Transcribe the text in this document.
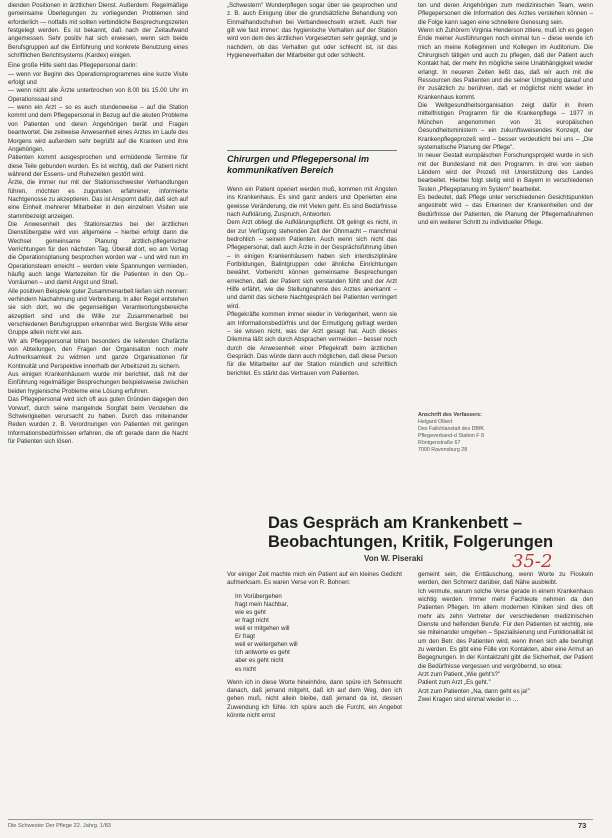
dienden Positionen in ärztlichen Dienst. Außerdem: Regelmäßige gemeinsame Überlegungen zu vorliegenden Problemen sind erforderlich — notfalls mit sollten verbindliche Besprechungszeiten festgelegt werden. Es ist bekannt, daß nach der Zeitaufwand angemessen. Sehr positiv hat sich erwiesen, wenn sich beide Berufsgruppen auf die Einführung und konkrete Benutzung eines schriftlichen Berichtsystems (Kardex) einigen.

Eine große Hilfe sieht das Pflegepersonal darin:

— wenn vor Beginn des Operationsprogrammes eine kurze Visite erfolgt und

— wenn nicht alle Ärzte unterbrochen von 8.00 bis 15.00 Uhr im Operationssaal sind

— wenn ein Arzt – so es auch stundenweise – auf die Station kommt und dem Pflegepersonal in Bezug auf die akuten Probleme von Patienten und deren Angehörigen berät und Fragen beantwortet. Die zeitweise Anwesenheit eines Arztes im Laufe des Morgens wird außerdem sehr begrüßt auf die Kranken und ihre Angehörigen.

Patienten kommt ausgesprochen und ermüdende Termine für diese Teile gebunden wurden. Es ist wichtig, daß der Patient nicht während der Essens- und Ruhezeiten gestört wird.

Ärzte, die immer nur mit der Stationsschwester Verhandlungen führen, möchten es zugunsten erfahrener, informierte Nachtgenosse zu akzeptieren. Das ist Anspornt dafür, daß sich auf eine Einheit mehrerer Mitarbeiter in den einzelnen Visiten wie stammbezeigt anzeigen.

Die Anwesenheit des Stationsarztes bei der ärztlichen Dienstübergabe wird von allgemeine – hierbei erfolgt dann die Wechsel gemeinsame Planung ärztlich-pflegerischer Verrichtungen für den nächsten Tag. Überall dort, wo am Vortag die Operationsplanung besprochen worden war – und wird nun im Operationsteam erreicht – werden viele Spannungen vermieden, häufig auch lange Wartezeiten für die Patienten in den Op.-Vorräumen – und damit Angst und Streß.

Alle positiven Beispiele guter Zusammenarbeit ließen sich nennen: verhindern Nachahmung und Verbreitung. In aller Regel entstehen sie sich dort, wo die gegenseitigen Verantwortungsbereiche akzeptiert sind und die Wille zur Zusammenarbeit bei verschiedenen Berufsgruppen erkennbar wird. Bergiste Wille einer Gruppe allein nicht viel aus.

Wir als Pflegepersonal bitten besonders die leitenden Chefärzte von Abteilungen, den Fragen der Organisation noch mehr Aufmerksamkeit zu widmen und ganze Organisationen für Kontinuität und Perspektive innerhalb der Arbeitszeit zu sichern.

Aus einigen Krankenhäusern wurde mir berichtet, daß mit der Einführung regelmäßiger Besprechungen beispielsweise zwischen beiden hygienische Probleme eine Lösung erfuhren.

Das Pflegepersonal wird sich oft aus guten Gründen dagegen den Vorwurf, durch seine mangelnde Sorgfalt beim Verstehen die Schwierigkeiten verursacht zu haben. Durch das miteinander Reden wurden z. B. Verordnungen von Patienten mit geringen Informationsbedürfnissen erfahren, die oft gerade dann die Nacht für Patienten sich lösen.

„Schwestern" Wunderpflegen sogar über sie gesprochen und z. B. auch Einigung über die grundsätzliche Behandlung von Einmalhandschuhen bei Verbandwechseln erzielt. Auch hier gilt wie fast immer: das hygienische Verhalten auf der Station wird von dem des ärztlichen Vorgesetzten sehr geprägt, und je nachdem, ob das Verhalten gut oder schlecht ist, ist das Hygieneverhalten der Mitarbeiter gut oder schlecht.

Chirurgen und Pflegepersonal im kommunikativen Bereich

Wenn ein Patient operiert werden muß, kommen mit Ängsten ins Krankenhaus. Es sind ganz anders und Operierten eine gewisse Veränderung, die mit Vielen geht. Es sind Bedürfnisse nach Aufklärung, Zuspruch, Antworten.

Dem Arzt obliegt die Aufklärungspflicht. Oft gelingt es nicht, in der zur Verfügung stehenden Zeit der Ohnmacht – manchmal bedrohlich – seinem Patienten. Auch wenn sich nicht das Pflegepersonal, daß auch Ärzte in der Gesprächsführung üben – in einigen Krankenhäusern haben sich interdisziplinäre Fortbildungen, Balintgruppen oder ähnliche Einrichtungen bewährt. Vorbericht können gemeinsame Besprechungen erreichen, daß der Patient sich verstanden fühlt und der Arzt Hilfe erfährt, wie die Stellungnahme des Arztes anerkannt – und damit das sichere Nachtgespräch bei Patienten verringert wird.

Pflegekräfte kommen immer wieder in Verlegenheit, wenn sie am Informationsbedürfnis und der Ermutigung gefragt werden – sie wissen nicht, was der Arzt gesagt hat. Auch dieses Dilemma läßt sich durch Absprachen vermeiden – besser noch durch die Anwesenheit einer Pflegekraft beim ärztlichen Gespräch. Das würde dann auch möglichen, daß diese Person für die Mitarbeiter auf der Station mündlich und schriftlich berichtet. Es stärkt das Vertrauen vom Patienten.

ten und deren Angehörigen zum medizinischen Team, wenn Pflegepersonen die Information des Arztes verstehen können – die Folge kann sagen eine schnellere Genesung sein.

Wenn ich Zuhörern Virginia Henderson zitiere, muß ich es gegen Ende meiner Ausführungen noch einmal tun – diese wende ich mich an meine Kolleginnen und Kollegen im Auditorium. Die Chirurgisch tätigen und auch zu pflegen, daß der Patient auch Kontakt hat, der mehr ihn mögliche seine Unabhängigkeit wieder erlangt. In neueren Zeiten ließt das, daß wir auch mit die Ressourcen des Patienten und die seiner Umgebung darauf und ihr zusätzlich zu berühren, daß er möglichst nicht wieder im Krankenhaus kommt.

Die Weltgesundheitsorganisation zeigt dafür in ihrem mittelfristigen Programm für die Krankenpflege – 1977 in München angenommen von 31 europäischen Gesundheitsministern – ein zukunftsweisendes Konzept, der Krankenpflegeprozeß wird – besser verdeutlicht bei uns – „Die systematische Planung der Pflege".

In neuer Gestalt europäischen Forschungsprojekt wurde in sich mit der Bundesland mit den Programm. In drei von sieben Ländern wird der Prozeß mit Unterstützung des Landes bearbeitet. Hierbei folgt stetig wird in Bayern in verschiedenen Testen „Pflegeplanung im System" bearbeitet.

Es bedeutet, daß Pflege unter verschiedenen Gesichtspunkten angestrebt wird – das Erkennen der Krankenheiten und der Bedürfnisse der Patienten, die Planung der Pflegemaßnahmen und ein weiterer Schritt zu individueller Pflege.

Anschrift des Verfassers:
Helgard Olbert
Des Fallohlanstalt des DBfK
Pflegeverband-d Station F 8
Röntgenstraße 67
7000 Ravensburg 28
Das Gespräch am Krankenbett –
Beobachtungen, Kritik, Folgerungen
Von W. Piseraki	35-2

Vor einiger Zeit machte mich ein Patient auf ein kleines Gedicht aufmerksam. Es waren Verse von R. Bohnen:

Im Vorübergehen
fragt mein Nachbar,
wie es geht
er fragt nicht
weil er mitgehen will
Er fragt
weil er weitergehen will
Ich antworte es geht
aber es geht nicht
es nicht

Wenn ich in diese Worte hineinhöre, dann spüre ich Sehnsucht danach, daß jemand mitgeht, daß ich auf dem Weg, den ich gehen muß, nicht allein bleibe, daß jemand da ist, dessen Zuwendung ich fühle. Ich spüre auch die Furcht, ein Angebot könnte nicht ernst

gemeint sein, die Enttäuschung, wenn Worte zu Floskeln werden, den Schmerz darüber, daß Nähe ausbleibt.

Ich vermute, warum solche Verse gerade in einem Krankenhaus wichtig werden. Immer mehr Fachleute nehmen da den Patienten Pflegen. Im allem modernen Kliniken sind dies oft mehr als zehn Vertreter der verschiedenen medizinischen Dienste und helfenden Berufe. Für den Patienten ist wichtig, wie sie miteinander umgehen – Spezialisierung und Funktionalität ist um den Betr. des Patienten wird, wenn ihnen sich alle beruhigt zu werden. Es gibt eine Fülle von Kontakten, aber eine Armut an Begegnungen. In der Kontaktzahl gibt die Sicherheit, der Patient die Bedürfnisse vergessen und vergröbernd, so etwa:

Arzt zum Patient „Wie geht's?"

Patient zum Arzt „Es geht."

Arzt zum Patienten „Na, dann geht es ja!"

Zwei Kragen sind einmal wieder in …

Die Schwester Der Pflege 22. Jahrg. 1/83	73
